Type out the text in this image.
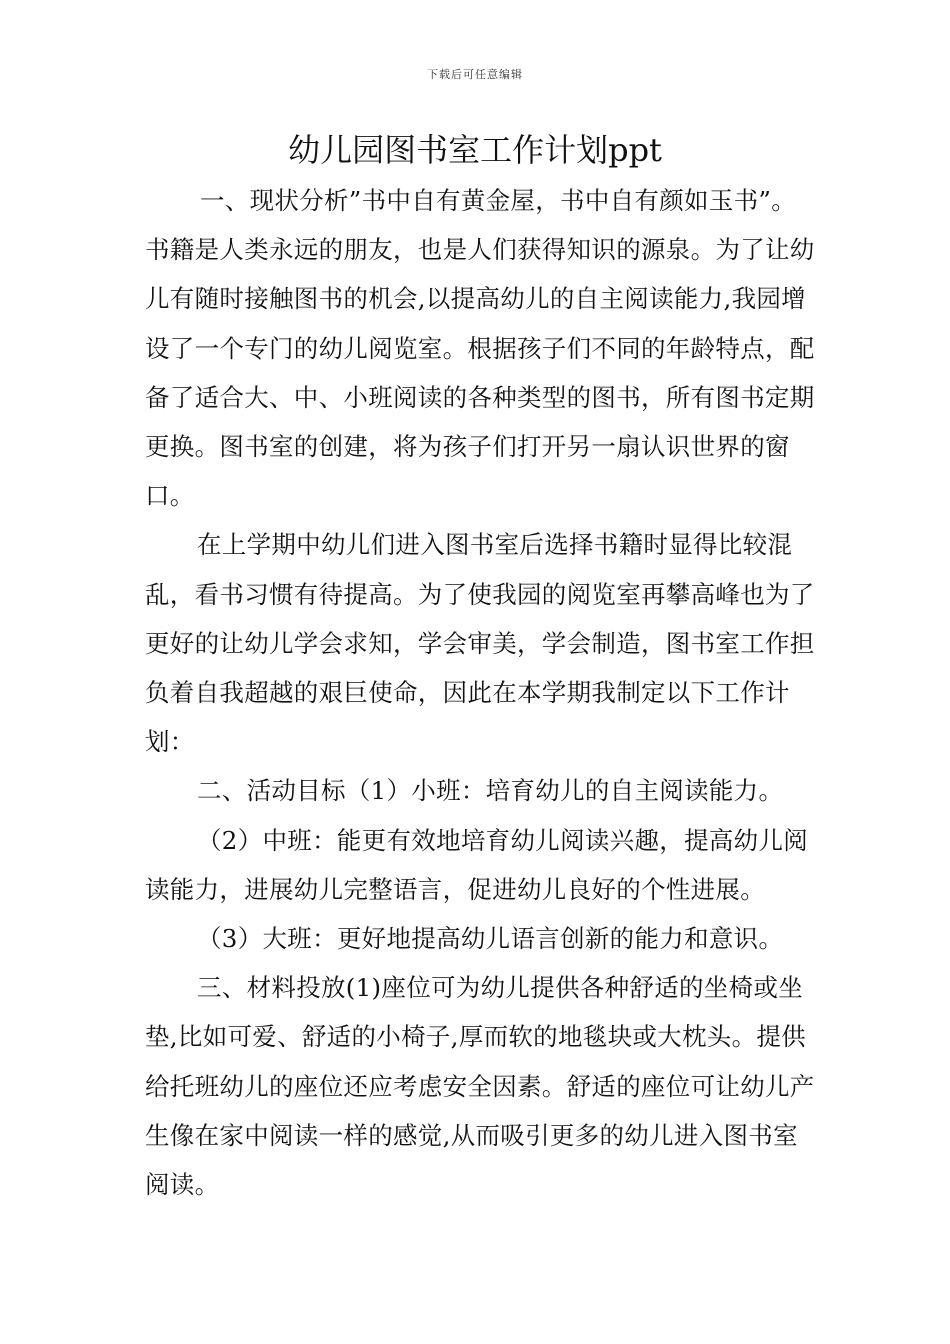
下载后可任意编辑
幼儿园图书室工作计划ppt

一、现状分析”书中自有黄金屋，书中自有颜如玉书”。书籍是人类永远的朋友，也是人们获得知识的源泉。为了让幼儿有随时接触图书的机会,以提高幼儿的自主阅读能力,我园增设了一个专门的幼儿阅览室。根据孩子们不同的年龄特点，配备了适合大、中、小班阅读的各种类型的图书，所有图书定期更换。图书室的创建，将为孩子们打开另一扇认识世界的窗口。

在上学期中幼儿们进入图书室后选择书籍时显得比较混乱，看书习惯有待提高。为了使我园的阅览室再攀高峰也为了更好的让幼儿学会求知，学会审美，学会制造，图书室工作担负着自我超越的艰巨使命，因此在本学期我制定以下工作计划：

二、活动目标（1）小班：培育幼儿的自主阅读能力。

（2）中班：能更有效地培育幼儿阅读兴趣，提高幼儿阅读能力，进展幼儿完整语言，促进幼儿良好的个性进展。

（3）大班：更好地提高幼儿语言创新的能力和意识。

三、材料投放(1)座位可为幼儿提供各种舒适的坐椅或坐垫,比如可爱、舒适的小椅子,厚而软的地毯块或大枕头。提供给托班幼儿的座位还应考虑安全因素。舒适的座位可让幼儿产生像在家中阅读一样的感觉,从而吸引更多的幼儿进入图书室阅读。
